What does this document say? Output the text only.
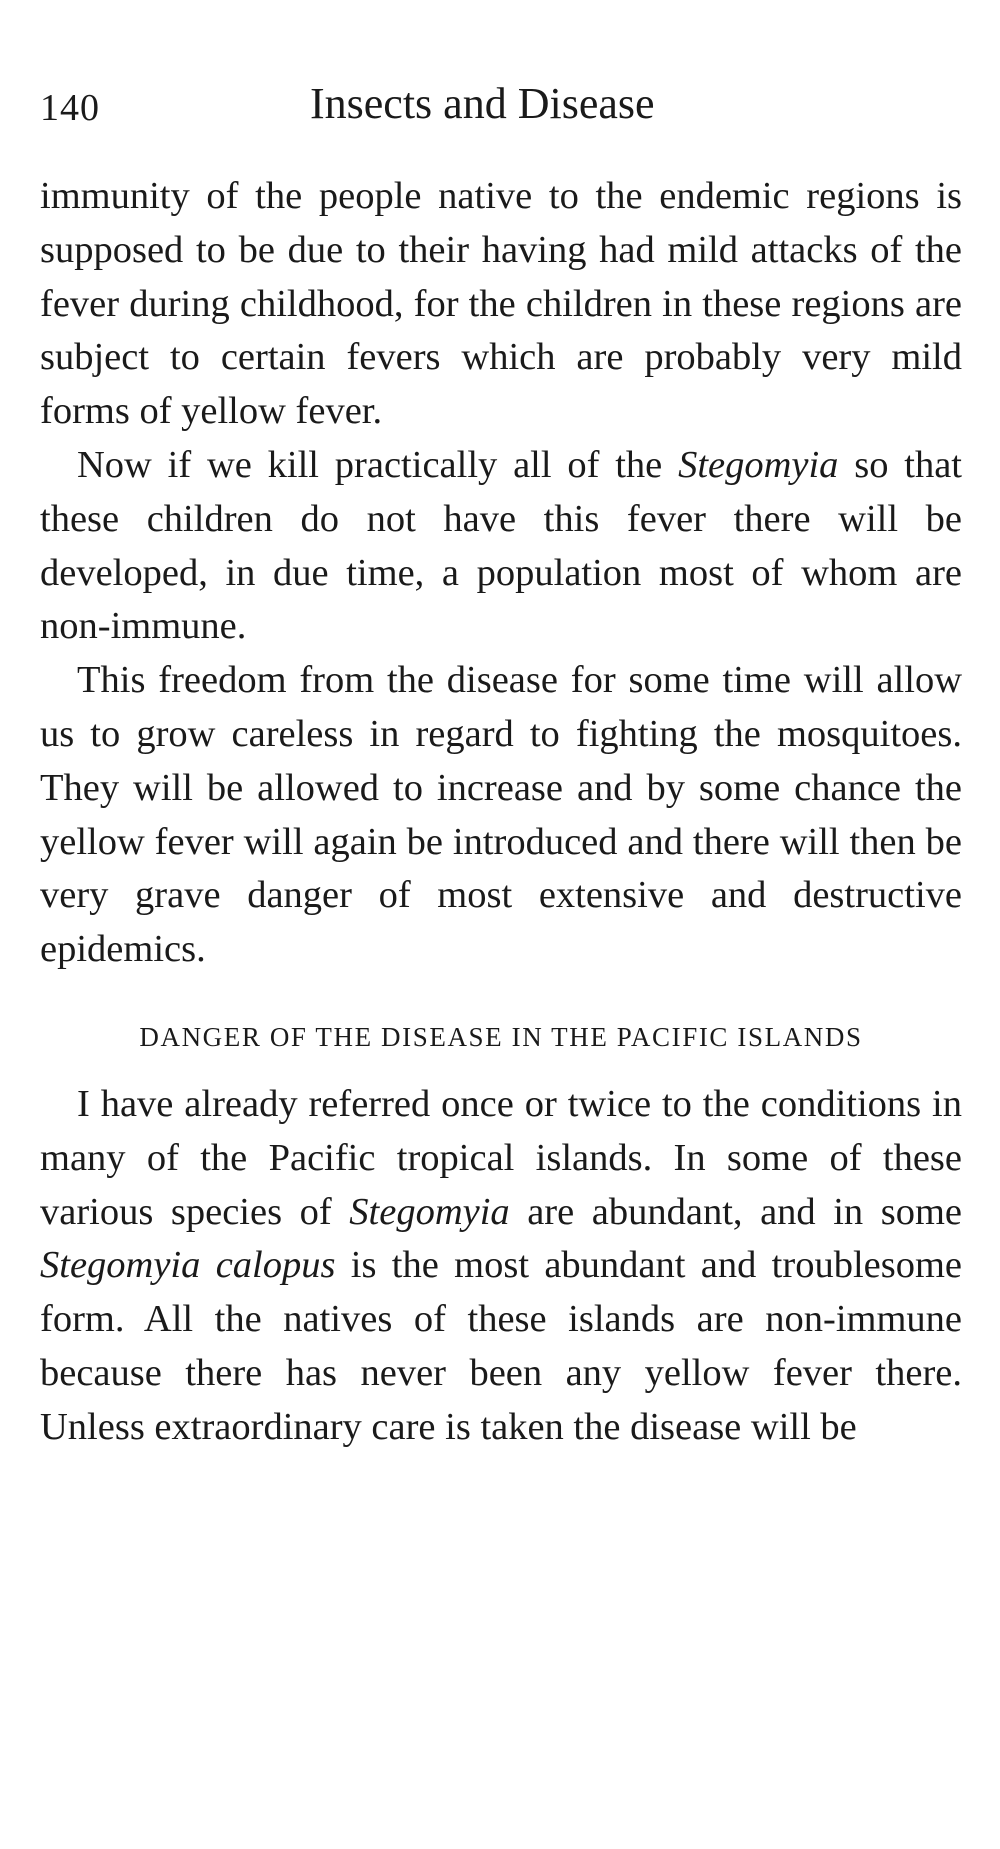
140	Insects and Disease

immunity of the people native to the endemic regions is supposed to be due to their having had mild attacks of the fever during childhood, for the children in these regions are subject to certain fevers which are probably very mild forms of yellow fever.

Now if we kill practically all of the Stegomyia so that these children do not have this fever there will be developed, in due time, a population most of whom are non-immune.

This freedom from the disease for some time will allow us to grow careless in regard to fighting the mosquitoes. They will be allowed to increase and by some chance the yellow fever will again be introduced and there will then be very grave danger of most extensive and destructive epidemics.

DANGER OF THE DISEASE IN THE PACIFIC ISLANDS

I have already referred once or twice to the conditions in many of the Pacific tropical islands. In some of these various species of Stegomyia are abundant, and in some Stegomyia calopus is the most abundant and troublesome form. All the natives of these islands are non-immune because there has never been any yellow fever there. Unless extraordinary care is taken the disease will be
